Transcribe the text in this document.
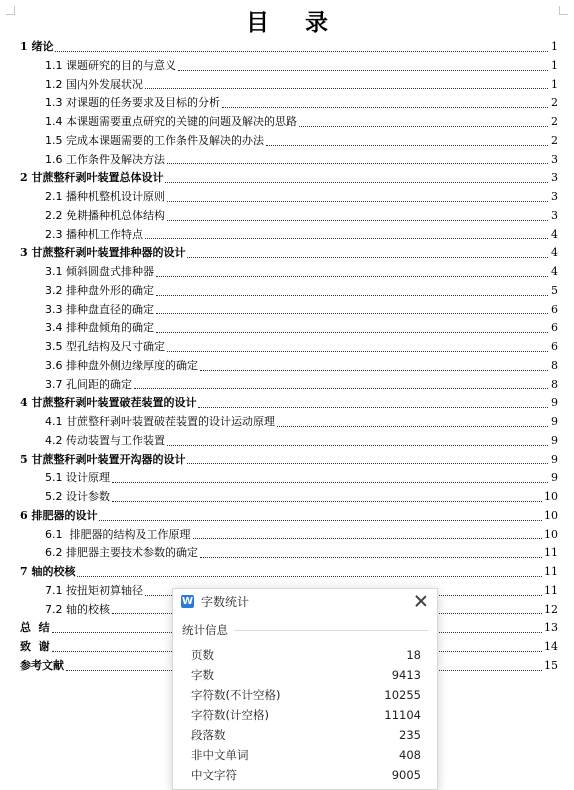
目 录
1 绪论	1
1.1 课题研究的目的与意义	1
1.2 国内外发展状况	1
1.3 对课题的任务要求及目标的分析	2
1.4 本课题需要重点研究的关键的问题及解决的思路	2
1.5 完成本课题需要的工作条件及解决的办法	2
1.6 工作条件及解决方法	3
2 甘蔗整秆剥叶装置总体设计	3
2.1 播种机整机设计原则	3
2.2 免耕播种机总体结构	3
2.3 播种机工作特点	4
3 甘蔗整秆剥叶装置排种器的设计	4
3.1 倾斜圆盘式排种器	4
3.2 排种盘外形的确定	5
3.3 排种盘直径的确定	6
3.4 排种盘倾角的确定	6
3.5 型孔结构及尺寸确定	6
3.6 排种盘外侧边缘厚度的确定	8
3.7 孔间距的确定	8
4 甘蔗整秆剥叶装置破茬装置的设计	9
4.1 甘蔗整秆剥叶装置破茬装置的设计运动原理	9
4.2 传动装置与工作装置	9
5 甘蔗整秆剥叶装置开沟器的设计	9
5.1 设计原理	9
5.2 设计参数	10
6 排肥器的设计	10
6.1  排肥器的结构及工作原理	10
6.2 排肥器主要技术参数的确定	11
7 轴的校核	11
7.1 按扭矩初算轴径	11
7.2 轴的校核	12
总  结	13
致  谢	14
参考文献	15
W 字数统计
统计信息
页数	18
字数	9413
字符数(不计空格)	10255
字符数(计空格)	11104
段落数	235
非中文单词	408
中文字符	9005
